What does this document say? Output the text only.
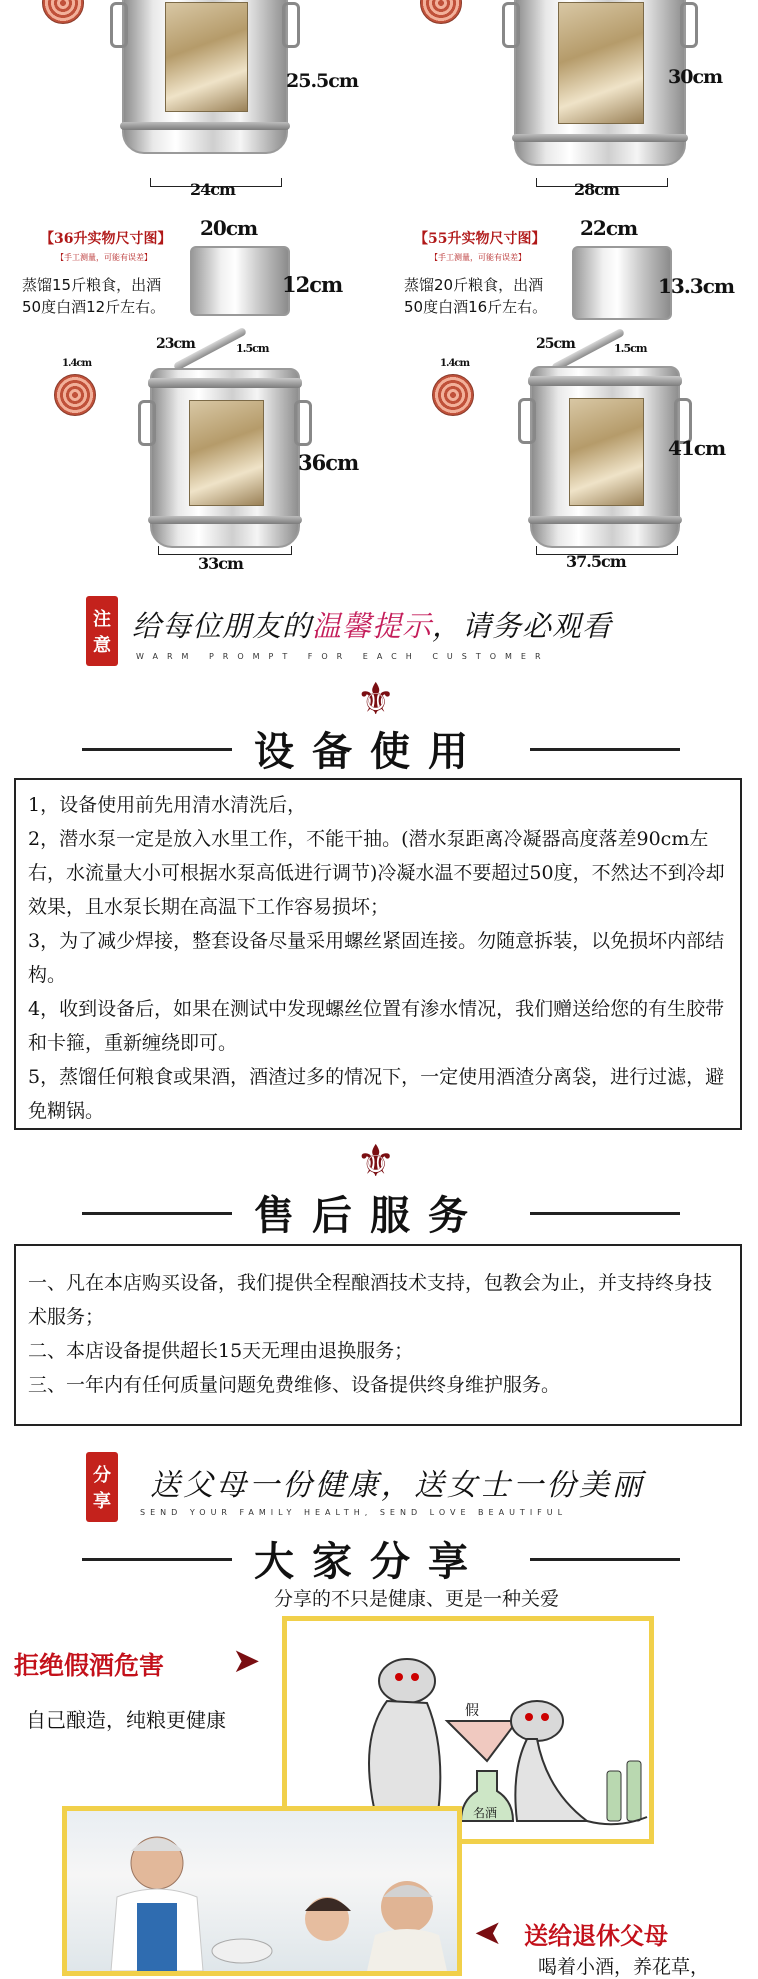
25.5cm
24cm
30cm
28cm
【36升实物尺寸图】
【手工测量，可能有误差】
蒸馏15斤粮食，出酒
50度白酒12斤左右。
20cm
12cm
23cm	1.5cm
1.4cm
36cm
33cm
【55升实物尺寸图】
【手工测量，可能有误差】
蒸馏20斤粮食，出酒
50度白酒16斤左右。
22cm
13.3cm
25cm	1.5cm
1.4cm
41cm
37.5cm
注
意
给每位朋友的温馨提示，请务必观看
WARM PROMPT FOR EACH CUSTOMER
⚜
设备使用

1，设备使用前先用清水清洗后，

2，潜水泵一定是放入水里工作，不能干抽。(潜水泵距离冷凝器高度落差90cm左右，水流量大小可根据水泵高低进行调节)冷凝水温不要超过50度，不然达不到冷却效果，且水泵长期在高温下工作容易损坏；

3，为了减少焊接，整套设备尽量采用螺丝紧固连接。勿随意拆装，以免损坏内部结构。

4，收到设备后，如果在测试中发现螺丝位置有渗水情况，我们赠送给您的有生胶带和卡箍，重新缠绕即可。

5，蒸馏任何粮食或果酒，酒渣过多的情况下，一定使用酒渣分离袋，进行过滤，避免糊锅。

⚜
售后服务

一、凡在本店购买设备，我们提供全程酿酒技术支持，包教会为止，并支持终身技术服务；

二、本店设备提供超长15天无理由退换服务；

三、一年内有任何质量问题免费维修、设备提供终身维护服务。

分
享 送父母一份健康，送女士一份美丽
SEND YOUR FAMILY HEALTH, SEND LOVE BEAUTIFUL
大家分享
分享的不只是健康、更是一种关爱
拒绝假酒危害 ➤
自己酿造，纯粮更健康	假
名酒
➤ 送给退休父母
喝着小酒，养花草，
